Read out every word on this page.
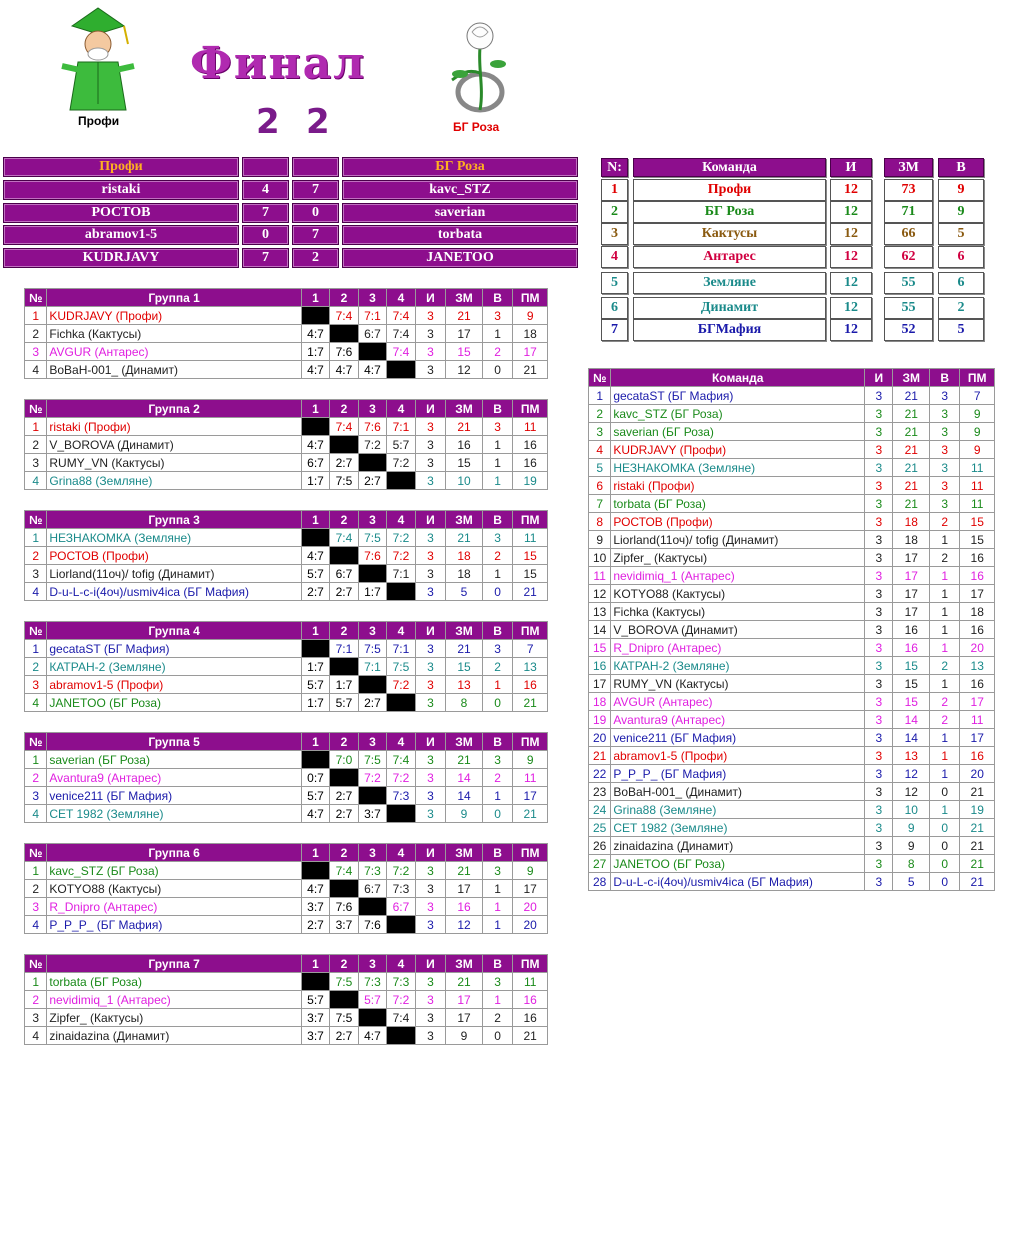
Профи
Финал
2 2	БГ Роза
Профи	БГ Роза
ristaki	4	7	kavc_STZ
РОСТОВ	7	0	saverian
abramov1-5	0	7	torbata
KUDRJAVY	7	2	JANETOO
N:	Команда	И	ЗМ	В
1	Профи	12	73	9
2	БГ Роза	12	71	9
3	Кактусы	12	66	5
4	Антарес	12	62	6
5	Земляне	12	55	6
6	Динамит	12	55	2
7	БГМафия	12	52	5
№	Группа 1	1	2	3	4	И	ЗМ	В	ПМ
1	KUDRJAVY (Профи)		7:4	7:1	7:4	3	21	3	9
2	Fichka (Кактусы)	4:7		6:7	7:4	3	17	1	18
3	AVGUR (Антарес)	1:7	7:6		7:4	3	15	2	17
4	BoBaH-001_ (Динамит)	4:7	4:7	4:7		3	12	0	21
№	Группа 2	1	2	3	4	И	ЗМ	В	ПМ
1	ristaki (Профи)		7:4	7:6	7:1	3	21	3	11
2	V_BOROVA (Динамит)	4:7		7:2	5:7	3	16	1	16
3	RUMY_VN (Кактусы)	6:7	2:7		7:2	3	15	1	16
4	Grina88 (Земляне)	1:7	7:5	2:7		3	10	1	19
№	Группа 3	1	2	3	4	И	ЗМ	В	ПМ
1	НЕЗНАКОМКА (Земляне)		7:4	7:5	7:2	3	21	3	11
2	РОСТОВ (Профи)	4:7		7:6	7:2	3	18	2	15
3	Liorland(11оч)/ tofig (Динамит)	5:7	6:7		7:1	3	18	1	15
4	D-u-L-c-i(4оч)/usmiv4ica (БГ Мафия)	2:7	2:7	1:7		3	5	0	21
№	Группа 4	1	2	3	4	И	ЗМ	В	ПМ
1	gecataST (БГ Мафия)		7:1	7:5	7:1	3	21	3	7
2	КАТРАН-2 (Земляне)	1:7		7:1	7:5	3	15	2	13
3	abramov1-5 (Профи)	5:7	1:7		7:2	3	13	1	16
4	JANETOO (БГ Роза)	1:7	5:7	2:7		3	8	0	21
№	Группа 5	1	2	3	4	И	ЗМ	В	ПМ
1	saverian (БГ Роза)		7:0	7:5	7:4	3	21	3	9
2	Avantura9 (Антарес)	0:7		7:2	7:2	3	14	2	11
3	venice211 (БГ Мафия)	5:7	2:7		7:3	3	14	1	17
4	CET 1982 (Земляне)	4:7	2:7	3:7		3	9	0	21
№	Группа 6	1	2	3	4	И	ЗМ	В	ПМ
1	kavc_STZ (БГ Роза)		7:4	7:3	7:2	3	21	3	9
2	KOTYO88 (Кактусы)	4:7		6:7	7:3	3	17	1	17
3	R_Dnipro (Антарес)	3:7	7:6		6:7	3	16	1	20
4	P_P_P_ (БГ Мафия)	2:7	3:7	7:6		3	12	1	20
№	Группа 7	1	2	3	4	И	ЗМ	В	ПМ
1	torbata (БГ Роза)		7:5	7:3	7:3	3	21	3	11
2	nevidimiq_1 (Антарес)	5:7		5:7	7:2	3	17	1	16
3	Zipfer_ (Кактусы)	3:7	7:5		7:4	3	17	2	16
4	zinaidazina (Динамит)	3:7	2:7	4:7		3	9	0	21
№	Команда	И	ЗМ	В	ПМ
1	gecataST (БГ Мафия)	3	21	3	7
2	kavc_STZ (БГ Роза)	3	21	3	9
3	saverian (БГ Роза)	3	21	3	9
4	KUDRJAVY (Профи)	3	21	3	9
5	НЕЗНАКОМКА (Земляне)	3	21	3	11
6	ristaki (Профи)	3	21	3	11
7	torbata (БГ Роза)	3	21	3	11
8	РОСТОВ (Профи)	3	18	2	15
9	Liorland(11оч)/ tofig (Динамит)	3	18	1	15
10	Zipfer_ (Кактусы)	3	17	2	16
11	nevidimiq_1 (Антарес)	3	17	1	16
12	KOTYO88 (Кактусы)	3	17	1	17
13	Fichka (Кактусы)	3	17	1	18
14	V_BOROVA (Динамит)	3	16	1	16
15	R_Dnipro (Антарес)	3	16	1	20
16	КАТРАН-2 (Земляне)	3	15	2	13
17	RUMY_VN (Кактусы)	3	15	1	16
18	AVGUR (Антарес)	3	15	2	17
19	Avantura9 (Антарес)	3	14	2	11
20	venice211 (БГ Мафия)	3	14	1	17
21	abramov1-5 (Профи)	3	13	1	16
22	P_P_P_ (БГ Мафия)	3	12	1	20
23	BoBaH-001_ (Динамит)	3	12	0	21
24	Grina88 (Земляне)	3	10	1	19
25	CET 1982 (Земляне)	3	9	0	21
26	zinaidazina (Динамит)	3	9	0	21
27	JANETOO (БГ Роза)	3	8	0	21
28	D-u-L-c-i(4оч)/usmiv4ica (БГ Мафия)	3	5	0	21
